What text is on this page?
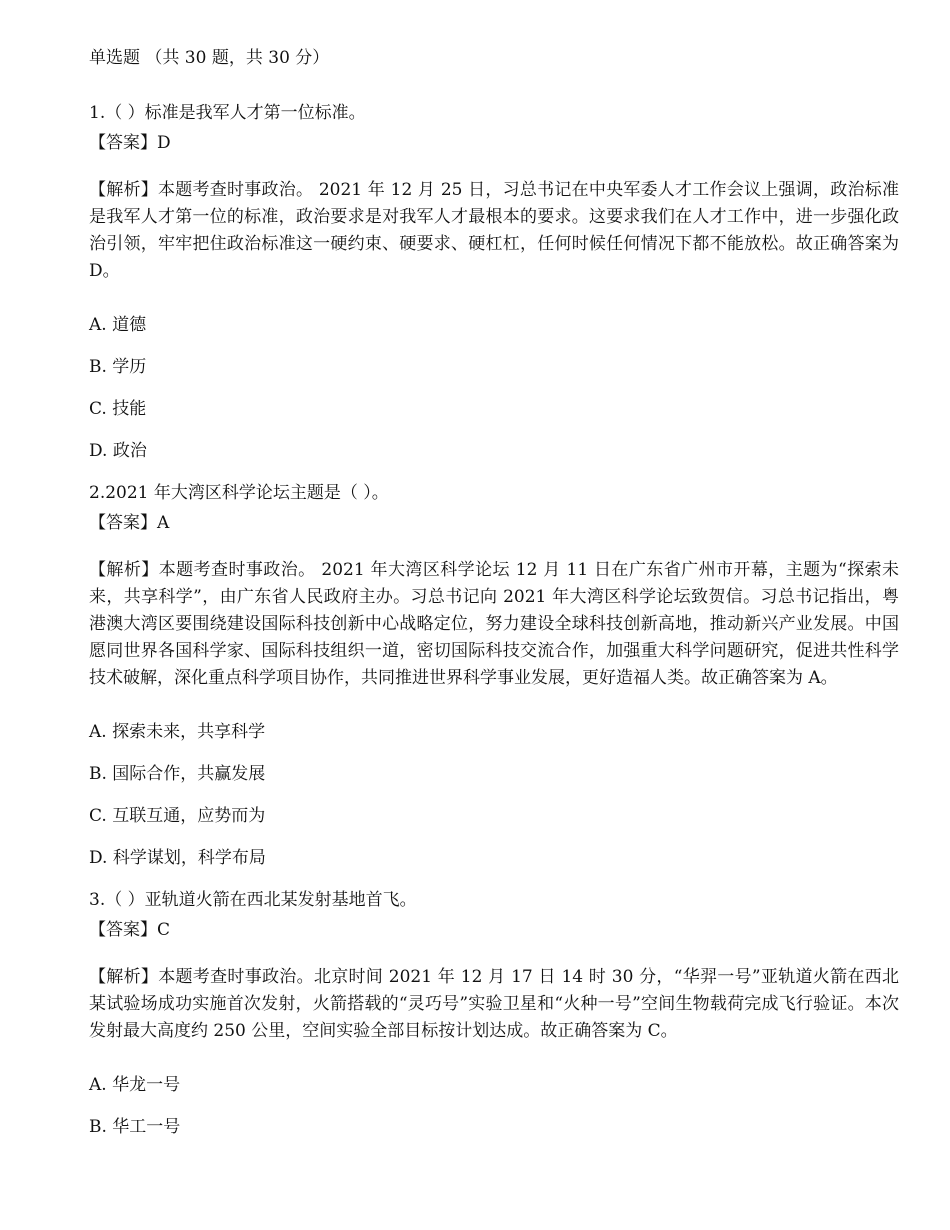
单选题 （共 30 题，共 30 分）
1.（ ）标准是我军人才第一位标准。
【答案】D
【解析】本题考查时事政治。 2021 年 12 月 25 日，习总书记在中央军委人才工作会议上强调，政治标准是我军人才第一位的标准，政治要求是对我军人才最根本的要求。这要求我们在人才工作中，进一步强化政治引领，牢牢把住政治标准这一硬约束、硬要求、硬杠杠，任何时候任何情况下都不能放松。故正确答案为 D。
A. 道德
B. 学历
C. 技能
D. 政治
2.2021 年大湾区科学论坛主题是（ ）。
【答案】A
【解析】本题考查时事政治。 2021 年大湾区科学论坛 12 月 11 日在广东省广州市开幕，主题为“探索未来，共享科学”，由广东省人民政府主办。习总书记向 2021 年大湾区科学论坛致贺信。习总书记指出，粤港澳大湾区要围绕建设国际科技创新中心战略定位，努力建设全球科技创新高地，推动新兴产业发展。中国愿同世界各国科学家、国际科技组织一道，密切国际科技交流合作，加强重大科学问题研究，促进共性科学技术破解，深化重点科学项目协作，共同推进世界科学事业发展，更好造福人类。故正确答案为 A。
A. 探索未来，共享科学
B. 国际合作，共赢发展
C. 互联互通，应势而为
D. 科学谋划，科学布局
3.（ ）亚轨道火箭在西北某发射基地首飞。
【答案】C
【解析】本题考查时事政治。北京时间 2021 年 12 月 17 日 14 时 30 分，“华羿一号”亚轨道火箭在西北某试验场成功实施首次发射，火箭搭载的“灵巧号”实验卫星和“火种一号”空间生物载荷完成飞行验证。本次发射最大高度约 250 公里，空间实验全部目标按计划达成。故正确答案为 C。
A. 华龙一号
B. 华工一号
